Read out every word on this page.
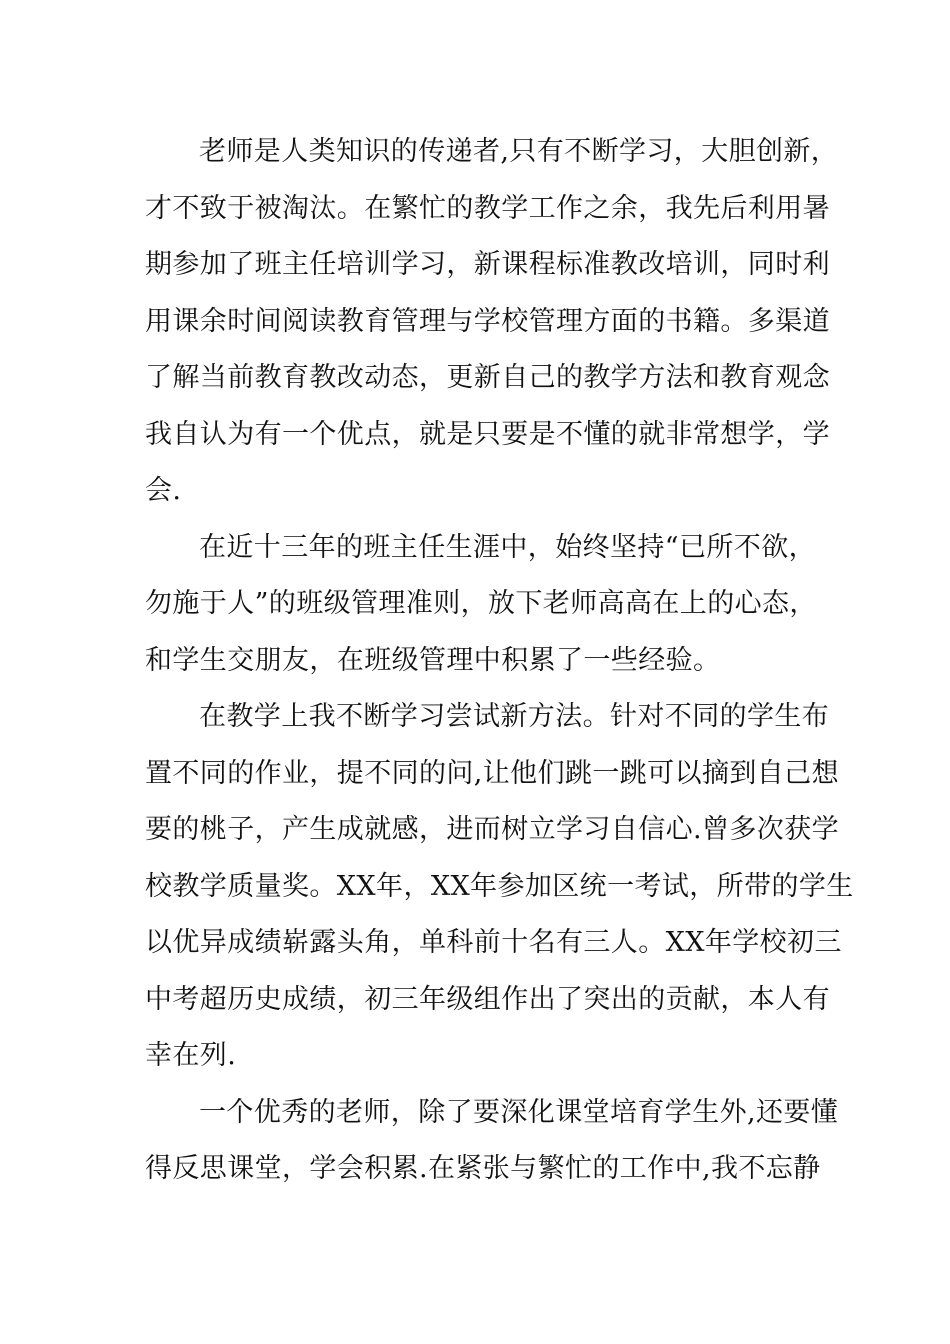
老师是人类知识的传递者,只有不断学习，大胆创新，
才不致于被淘汰。在繁忙的教学工作之余，我先后利用暑
期参加了班主任培训学习，新课程标准教改培训，同时利
用课余时间阅读教育管理与学校管理方面的书籍。多渠道
了解当前教育教改动态，更新自己的教学方法和教育观念
我自认为有一个优点，就是只要是不懂的就非常想学，学
会.
在近十三年的班主任生涯中，始终坚持“已所不欲，
勿施于人”的班级管理准则，放下老师高高在上的心态，
和学生交朋友，在班级管理中积累了一些经验。
在教学上我不断学习尝试新方法。针对不同的学生布
置不同的作业，提不同的问,让他们跳一跳可以摘到自己想
要的桃子，产生成就感，进而树立学习自信心.曾多次获学
校教学质量奖。XX年，XX年参加区统一考试，所带的学生
以优异成绩崭露头角，单科前十名有三人。XX年学校初三
中考超历史成绩，初三年级组作出了突出的贡献，本人有
幸在列.
一个优秀的老师，除了要深化课堂培育学生外,还要懂
得反思课堂，学会积累.在紧张与繁忙的工作中,我不忘静
